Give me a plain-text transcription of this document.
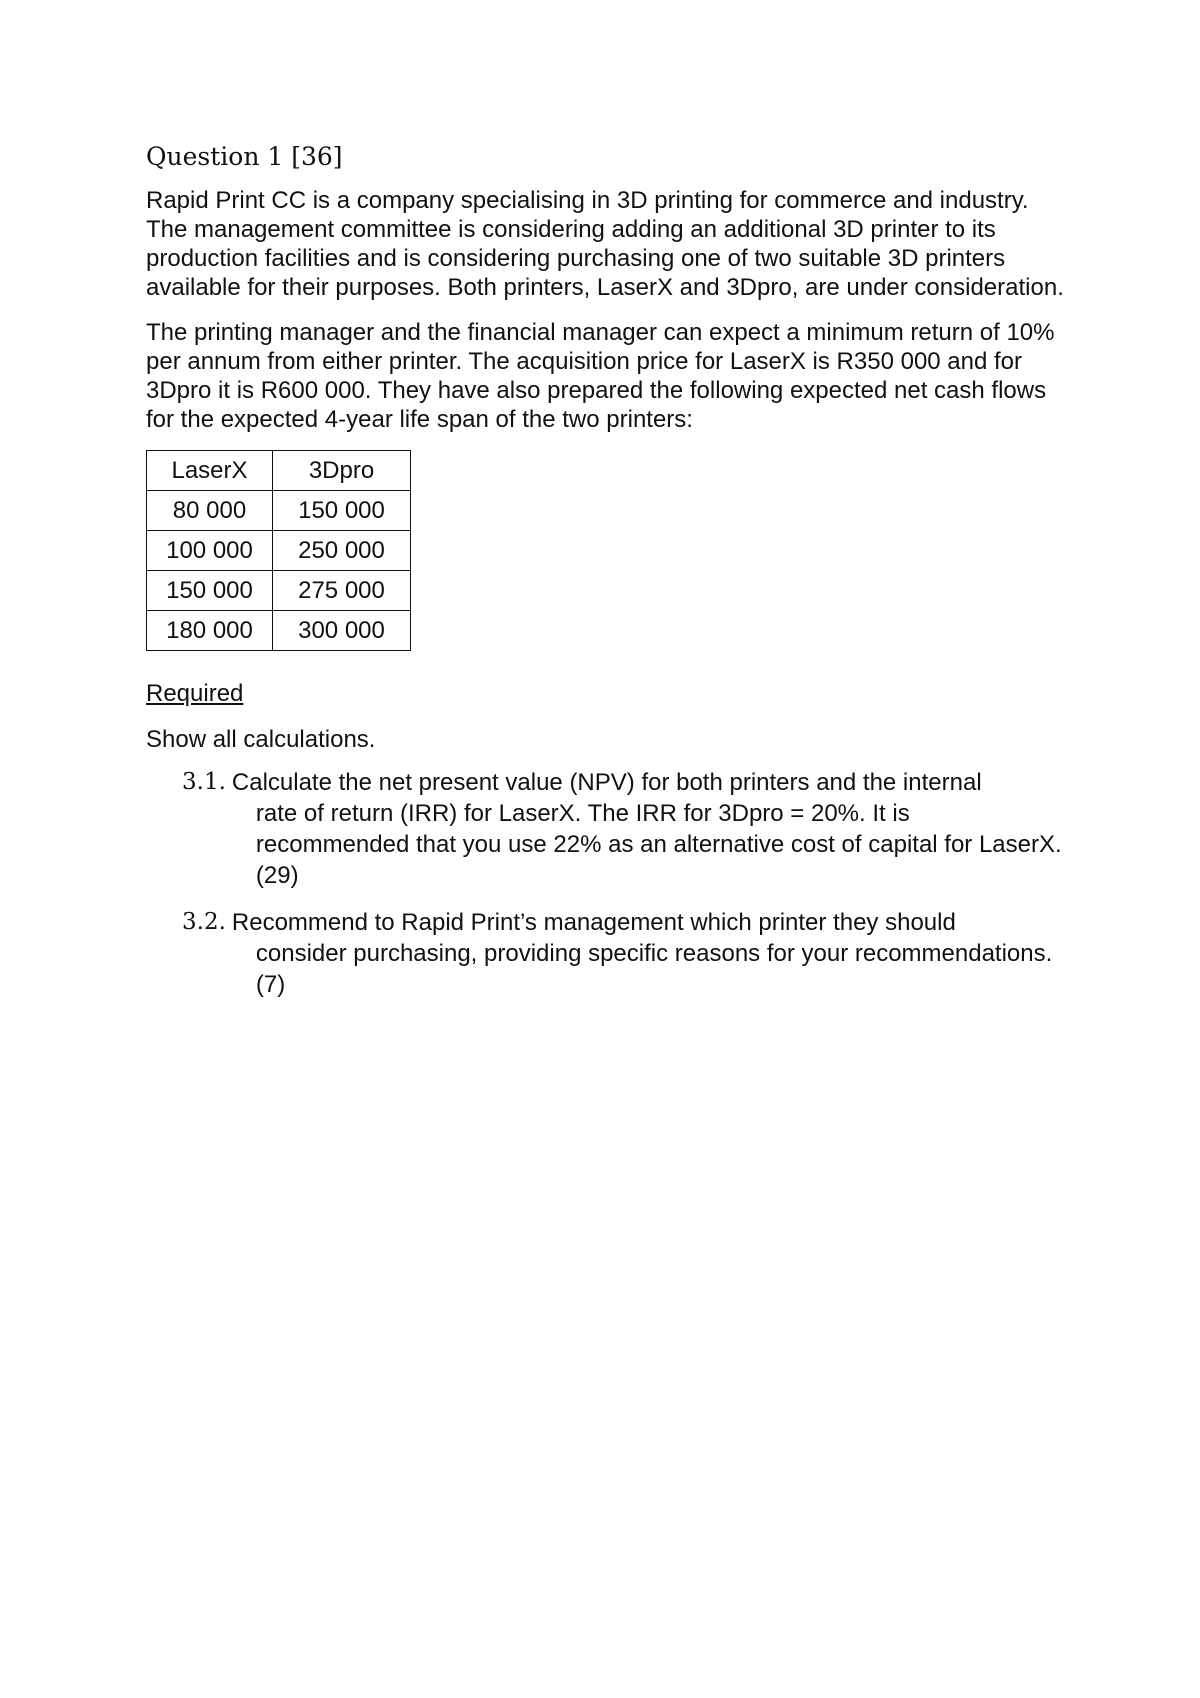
Question 1 [36]

Rapid Print CC is a company specialising in 3D printing for commerce and industry. The management committee is considering adding an additional 3D printer to its production facilities and is considering purchasing one of two suitable 3D printers available for their purposes. Both printers, LaserX and 3Dpro, are under consideration.

The printing manager and the financial manager can expect a minimum return of 10% per annum from either printer. The acquisition price for LaserX is R350 000 and for 3Dpro it is R600 000. They have also prepared the following expected net cash flows for the expected 4-year life span of the two printers:

LaserX	3Dpro
80 000	150 000
100 000	250 000
150 000	275 000
180 000	300 000
Required
Show all calculations.
3.1. Calculate the net present value (NPV) for both printers and the internal
rate of return (IRR) for LaserX. The IRR for 3Dpro = 20%. It is recommended that you use 22% as an alternative cost of capital for LaserX. (29)
3.2. Recommend to Rapid Print’s management which printer they should
consider purchasing, providing specific reasons for your recommendations.(7)
